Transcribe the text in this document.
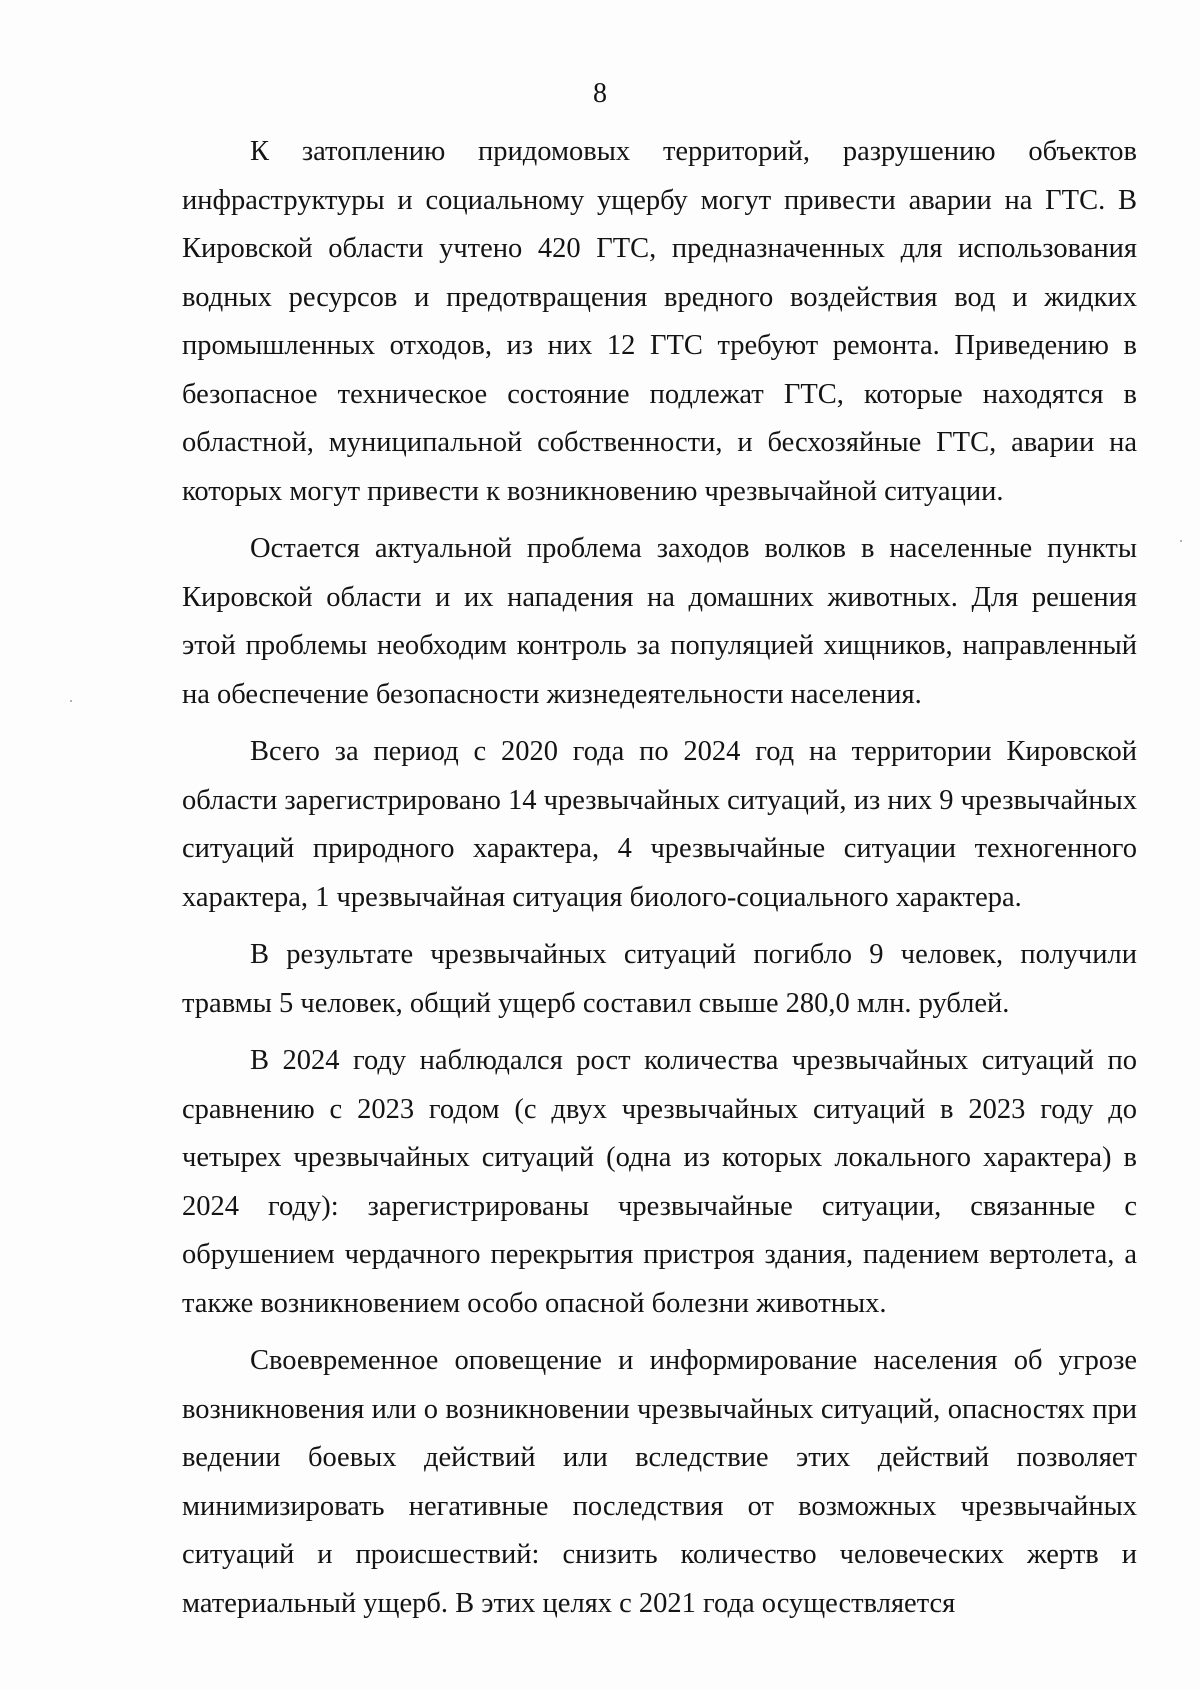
8

К затоплению придомовых территорий, разрушению объектов инфраструктуры и социальному ущербу могут привести аварии на ГТС. В Кировской области учтено 420 ГТС, предназначенных для использования водных ресурсов и предотвращения вредного воздействия вод и жидких промышленных отходов, из них 12 ГТС требуют ремонта. Приведению в безопасное техническое состояние подлежат ГТС, которые находятся в областной, муниципальной собственности, и бесхозяйные ГТС, аварии на которых могут привести к возникновению чрезвычайной ситуации.

Остается актуальной проблема заходов волков в населенные пункты Кировской области и их нападения на домашних животных. Для решения этой проблемы необходим контроль за популяцией хищников, направленный на обеспечение безопасности жизнедеятельности населения.

Всего за период с 2020 года по 2024 год на территории Кировской области зарегистрировано 14 чрезвычайных ситуаций, из них 9 чрезвычайных ситуаций природного характера, 4 чрезвычайные ситуации техногенного характера, 1 чрезвычайная ситуация биолого-социального характера.

В результате чрезвычайных ситуаций погибло 9 человек, получили травмы 5 человек, общий ущерб составил свыше 280,0 млн. рублей.

В 2024 году наблюдался рост количества чрезвычайных ситуаций по сравнению с 2023 годом (с двух чрезвычайных ситуаций в 2023 году до четырех чрезвычайных ситуаций (одна из которых локального характера) в 2024 году): зарегистрированы чрезвычайные ситуации, связанные с обрушением чердачного перекрытия пристроя здания, падением вертолета, а также возникновением особо опасной болезни животных.

Своевременное оповещение и информирование населения об угрозе возникновения или о возникновении чрезвычайных ситуаций, опасностях при ведении боевых действий или вследствие этих действий позволяет минимизировать негативные последствия от возможных чрезвычайных ситуаций и происшествий: снизить количество человеческих жертв и материальный ущерб. В этих целях с 2021 года осуществляется
